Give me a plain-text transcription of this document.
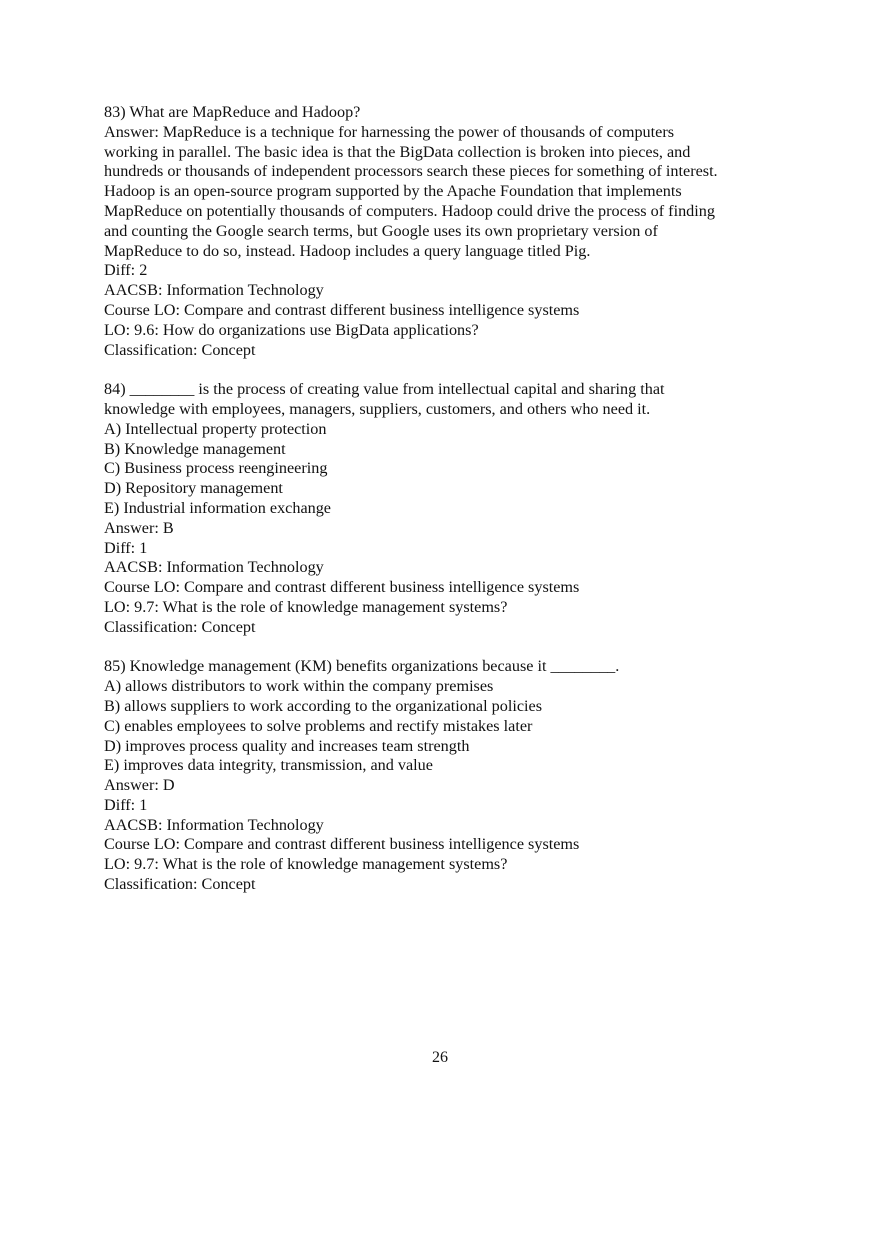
83) What are MapReduce and Hadoop?
Answer: MapReduce is a technique for harnessing the power of thousands of computers
working in parallel. The basic idea is that the BigData collection is broken into pieces, and
hundreds or thousands of independent processors search these pieces for something of interest.
Hadoop is an open-source program supported by the Apache Foundation that implements
MapReduce on potentially thousands of computers. Hadoop could drive the process of finding
and counting the Google search terms, but Google uses its own proprietary version of
MapReduce to do so, instead. Hadoop includes a query language titled Pig.
Diff: 2
AACSB: Information Technology
Course LO: Compare and contrast different business intelligence systems
LO: 9.6: How do organizations use BigData applications?
Classification: Concept
84) ________ is the process of creating value from intellectual capital and sharing that
knowledge with employees, managers, suppliers, customers, and others who need it.
A) Intellectual property protection
B) Knowledge management
C) Business process reengineering
D) Repository management
E) Industrial information exchange
Answer: B
Diff: 1
AACSB: Information Technology
Course LO: Compare and contrast different business intelligence systems
LO: 9.7: What is the role of knowledge management systems?
Classification: Concept
85) Knowledge management (KM) benefits organizations because it ________.
A) allows distributors to work within the company premises
B) allows suppliers to work according to the organizational policies
C) enables employees to solve problems and rectify mistakes later
D) improves process quality and increases team strength
E) improves data integrity, transmission, and value
Answer: D
Diff: 1
AACSB: Information Technology
Course LO: Compare and contrast different business intelligence systems
LO: 9.7: What is the role of knowledge management systems?
Classification: Concept
26
